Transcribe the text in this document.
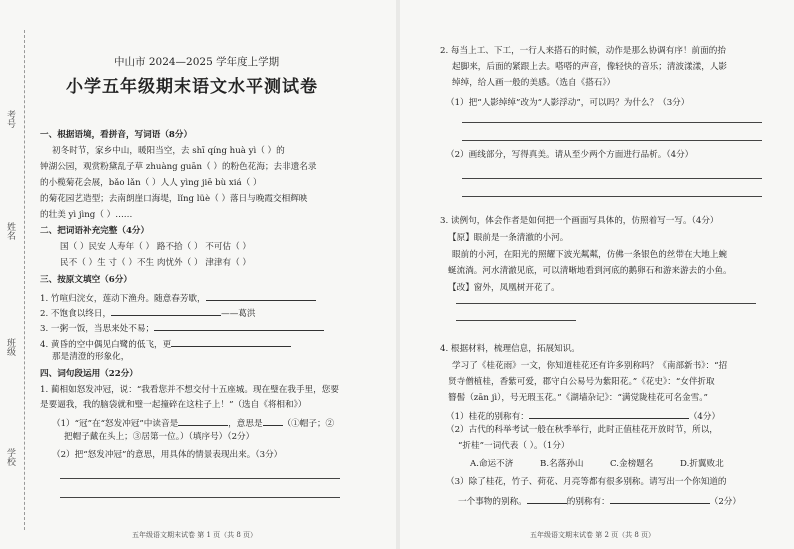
考号
姓名
班级
学校
中山市 2024—2025 学年度上学期
小学五年级期末语文水平测试卷
一、根据语境，看拼音，写词语（8分）
初冬时节，家乡中山，暖阳当空，去 shī qíng huà yì（ ）的
钟湖公园，观赏粉黛乱子草 zhuàng guān（ ）的粉色花海；去非遗名录
的小榄菊花会展，bǎo lǎn（ ）人人 yìng jiē bù xiá（ ）
的菊花园艺造型；去南朗崖口海堤，lǐng lüè（ ）落日与晚霞交相辉映
的壮美 yì jìng（ ）……
二、把词语补充完整（4分）
国（ ）民安 人寿年（ ） 路不拾（ ） 不可估（ ）
民不（ ）生 寸（ ）不生 肉忧外（ ） 津津有（ ）
三、按原文填空（6分）
1. 竹喧归浣女，莲动下渔舟。随意春芳歇，
2. 不饱食以终日，	——葛洪
3. 一粥一饭，当思来处不易；
4. 黄昏的空中偶见白鹭的低飞，更
那是清澄的形象化，
四、词句段运用（22分）
1. 蔺相如怒发冲冠，说：“我看您并不想交付十五座城。现在璧在我手里，您要
是要逼我，我的脑袋就和璧一起撞碎在这柱子上！”（选自《将相和》）
（1）“冠”在“怒发冲冠”中读音是	，意思是 （①帽子；②
把帽子戴在头上；③居第一位。）（填序号）（2分）
（2）把“怒发冲冠”的意思，用具体的情景表现出来。（3分）
五年级语文期末试卷 第 1 页（共 8 页）
2. 每当上工、下工，一行人来搭石的时候，动作是那么协调有序！前面的抬
起脚来，后面的紧跟上去。嗒嗒的声音，像轻快的音乐；清波漾漾，人影
绰绰，给人画一般的美感。（选自《搭石》）
（1）把“人影绰绰”改为“人影浮动”，可以吗？为什么？（3分）
（2）画线部分，写得真美。请从至少两个方面进行品析。（4分）
3. 读例句，体会作者是如何把一个画面写具体的，仿照着写一写。（4分）
【原】眼前是一条清澈的小河。
眼前的小河，在阳光的照耀下波光粼粼，仿佛一条银色的丝带在大地上蜿
蜒流淌。河水清澈见底，可以清晰地看到河底的鹅卵石和游来游去的小鱼。
【改】窗外，凤凰树开花了。
4. 根据材料，梳理信息，拓展知识。
学习了《桂花雨》一文，你知道桂花还有许多别称吗？《南部新书》：“招
贤寺僧植桂，香紫可爱，郡守白公易号为紫阳花。”《花史》：“女伴折取
簪髻（zān jì），号无瑕玉花。”《湖墙杂记》：“满觉陇桂花可名金雪。”
（1）桂花的别称有：	（4分）
（2）古代的科举考试一般在秋季举行，此时正值桂花开放时节，所以，
“折桂”一词代表（ ）。（1分）
A.命运不济	B.名落孙山	C.金榜题名	D.折翼败北
（3）除了桂花，竹子、荷花、月亮等都有很多别称。请写出一个你知道的
一个事物的别称。	的别称有：	（2分）
五年级语文期末试卷 第 2 页（共 8 页）
